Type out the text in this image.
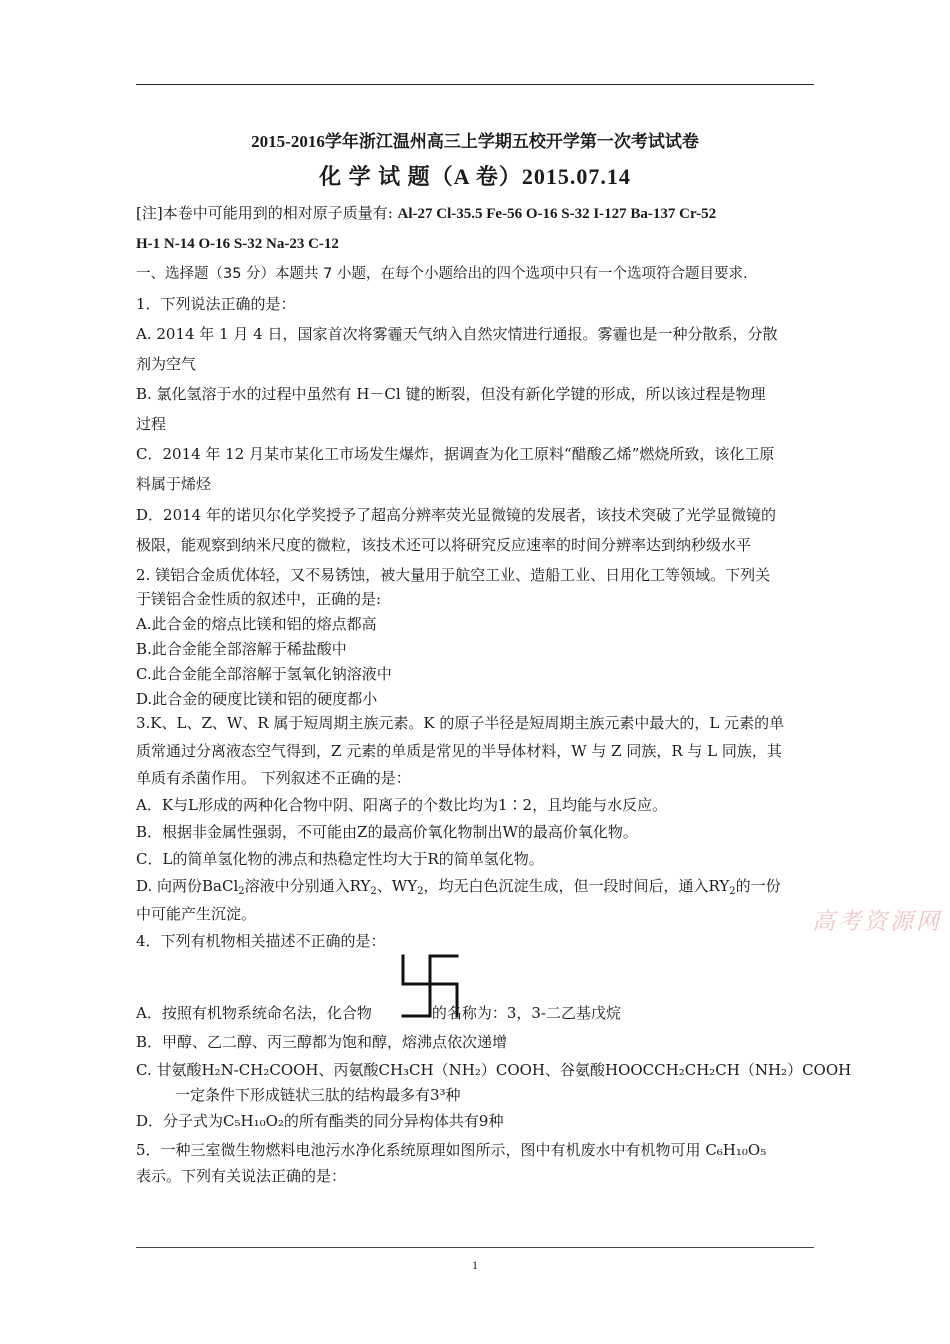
2015-2016学年浙江温州高三上学期五校开学第一次考试试卷
化 学 试 题（A 卷）2015.07.14
[注]本卷中可能用到的相对原子质量有: Al-27 Cl-35.5 Fe-56 O-16 S-32 I-127 Ba-137 Cr-52
H-1 N-14 O-16 S-32 Na-23 C-12
一、选择题（35 分）本题共 7 小题，在每个小题给出的四个选项中只有一个选项符合题目要求.
1．下列说法正确的是：
A. 2014 年 1 月 4 日，国家首次将雾霾天气纳入自然灾情进行通报。雾霾也是一种分散系，分散
剂为空气
B. 氯化氢溶于水的过程中虽然有 H－Cl 键的断裂，但没有新化学键的形成，所以该过程是物理
过程
C．2014 年 12 月某市某化工市场发生爆炸，据调查为化工原料“醋酸乙烯”燃烧所致，该化工原
料属于烯烃
D．2014 年的诺贝尔化学奖授予了超高分辨率荧光显微镜的发展者，该技术突破了光学显微镜的
极限，能观察到纳米尺度的微粒，该技术还可以将研究反应速率的时间分辨率达到纳秒级水平
2. 镁铝合金质优体轻，又不易锈蚀，被大量用于航空工业、造船工业、日用化工等领域。下列关
于镁铝合金性质的叙述中，正确的是:
A.此合金的熔点比镁和铝的熔点都高
B.此合金能全部溶解于稀盐酸中
C.此合金能全部溶解于氢氧化钠溶液中
D.此合金的硬度比镁和铝的硬度都小
3.K、L、Z、W、R 属于短周期主族元素。K 的原子半径是短周期主族元素中最大的，L 元素的单
质常通过分离液态空气得到，Z 元素的单质是常见的半导体材料，W 与 Z 同族，R 与 L 同族，其
单质有杀菌作用。 下列叙述不正确的是：
A．K与L形成的两种化合物中阴、阳离子的个数比均为1∶2，且均能与水反应。
B．根据非金属性强弱，不可能由Z的最高价氧化物制出W的最高价氧化物。
C．L的简单氢化物的沸点和热稳定性均大于R的简单氢化物。
D. 向两份BaCl$_2$溶液中分别通入$RY_2$、$WY_2$，均无白色沉淀生成，但一段时间后，通入$RY_2$的一份
中可能产生沉淀。
4．下列有机物相关描述不正确的是：
A．按照有机物系统命名法，化合物	的名称为：3，3-二乙基戊烷
B．甲醇、乙二醇、丙三醇都为饱和醇，熔沸点依次递增
C. 甘氨酸H₂N-CH₂COOH、丙氨酸CH₃CH（NH₂）COOH、谷氨酸HOOCCH₂CH₂CH（NH₂）COOH
一定条件下形成链状三肽的结构最多有3³种
D．分子式为C₅H₁₀O₂的所有酯类的同分异构体共有9种
5．一种三室微生物燃料电池污水净化系统原理如图所示，图中有机废水中有机物可用 C₆H₁₀O₅
表示。下列有关说法正确的是：
高考资源网
1
